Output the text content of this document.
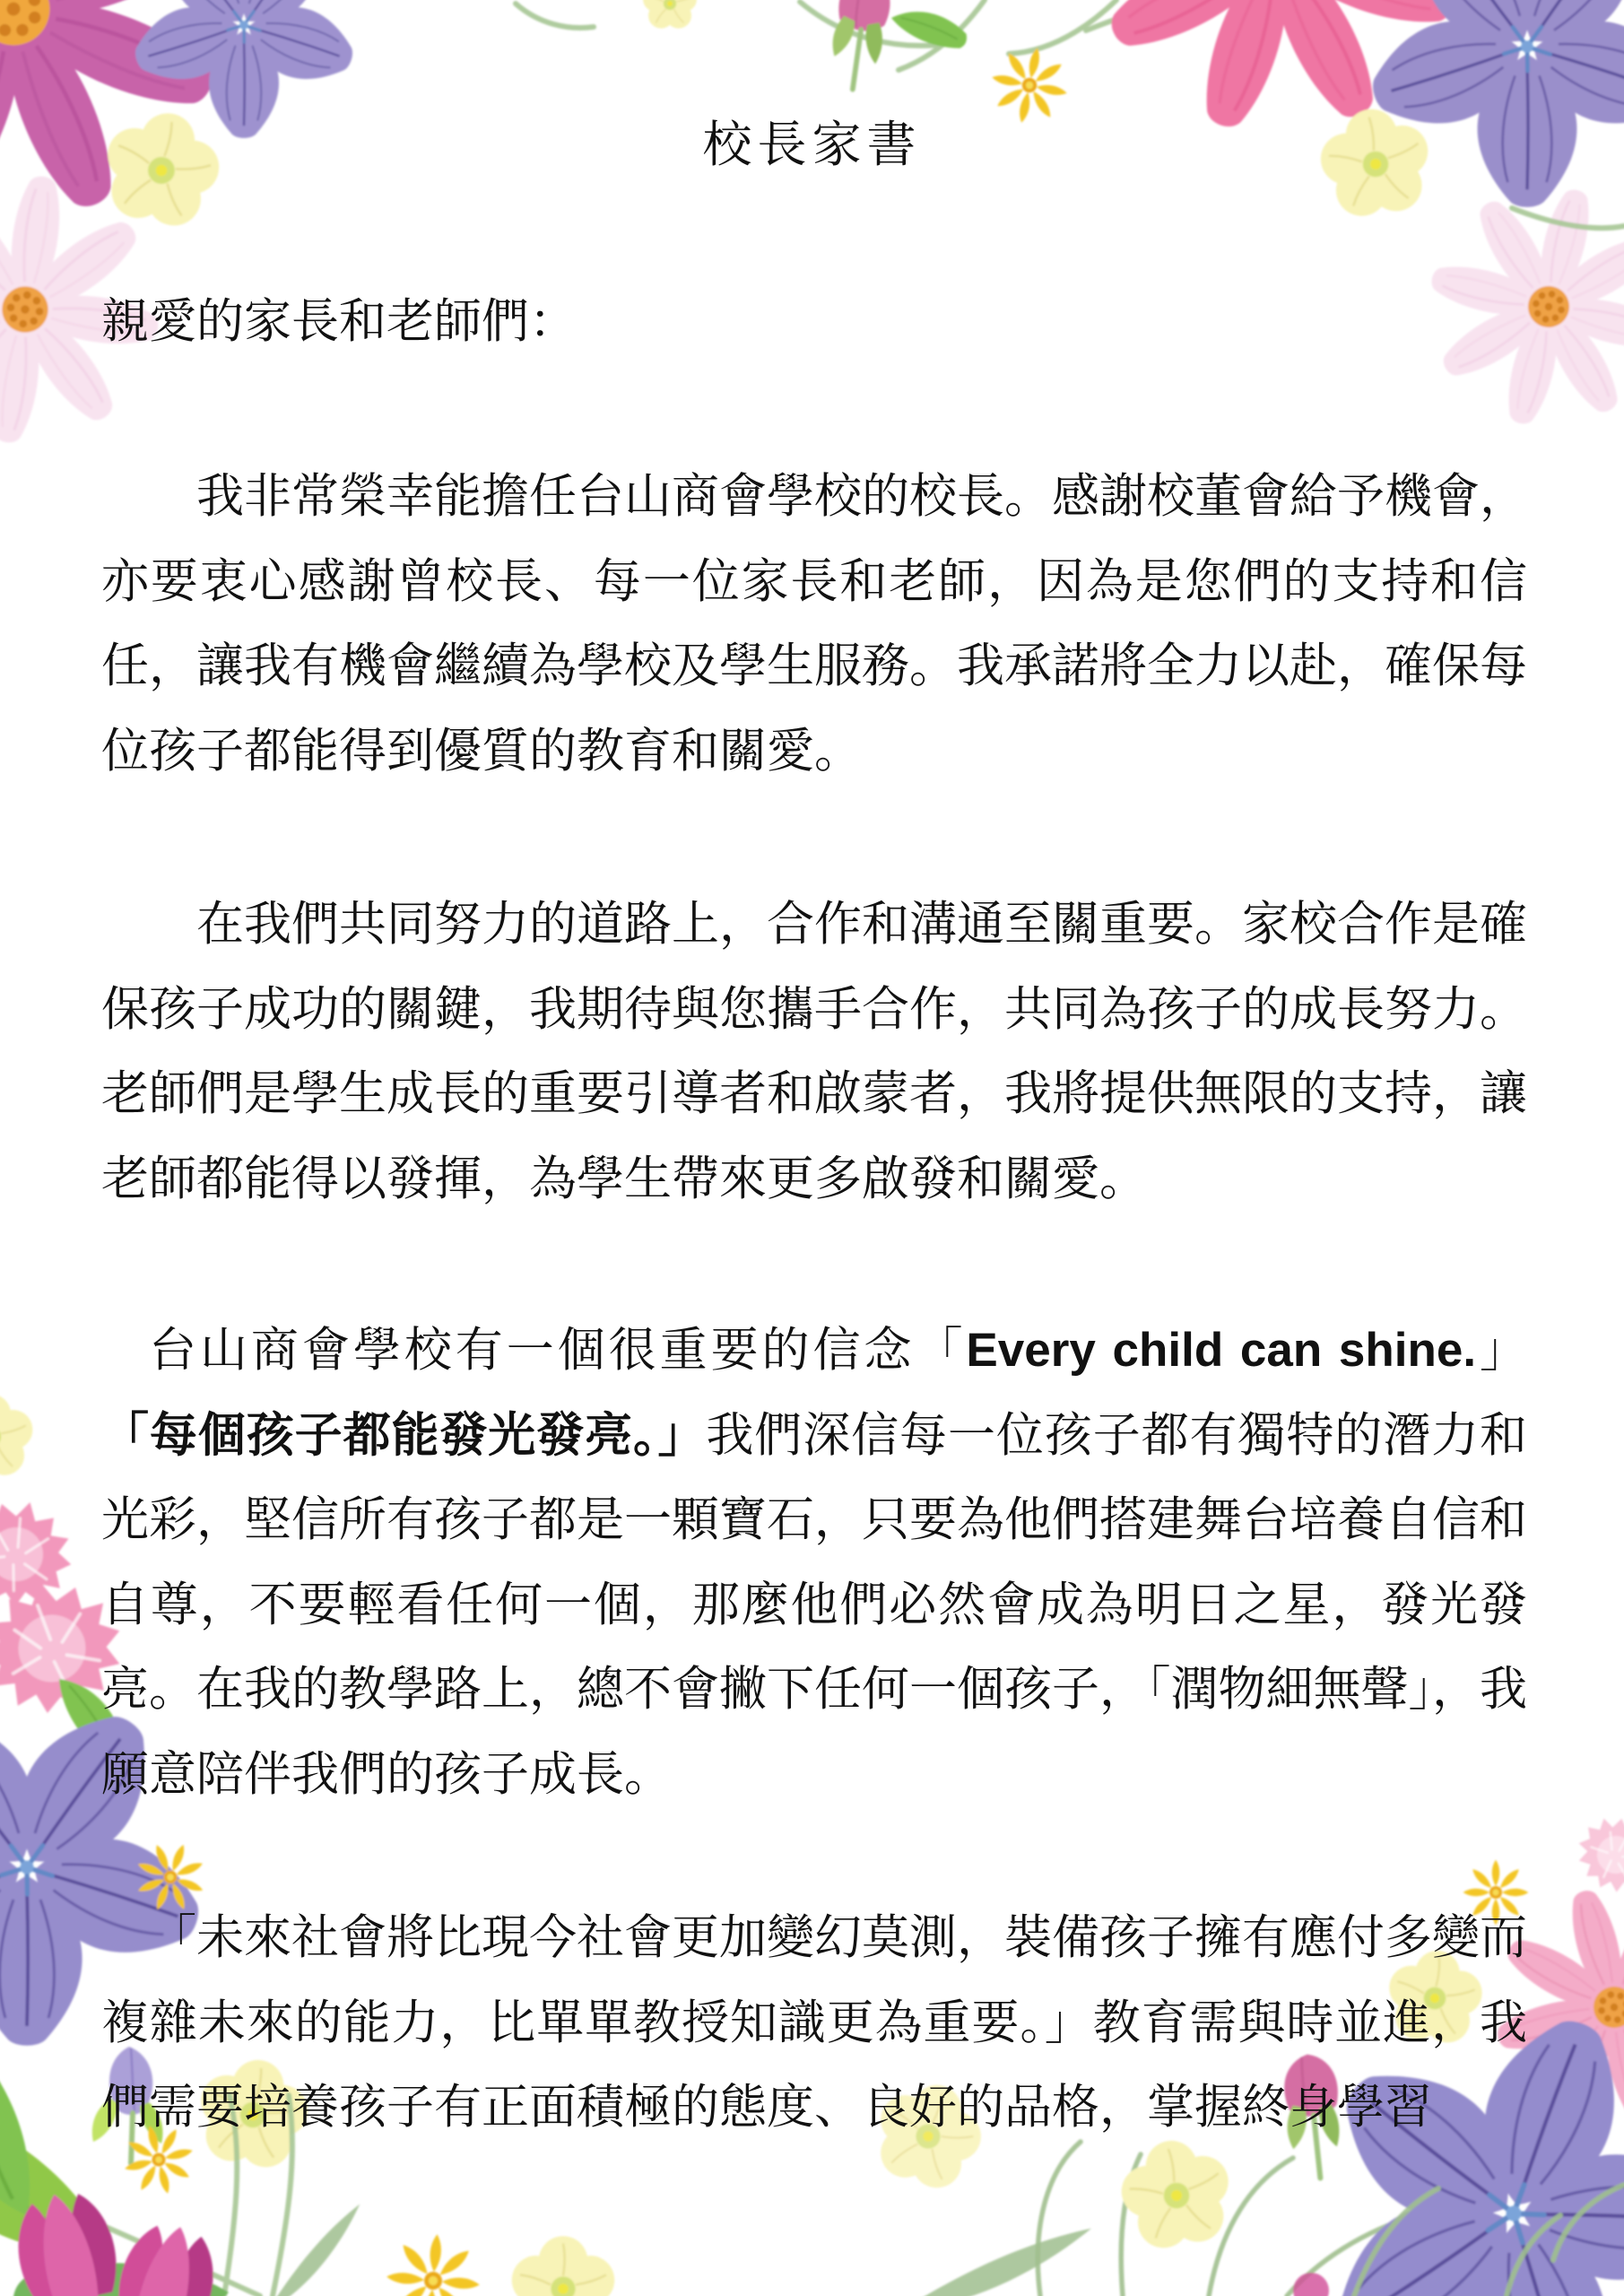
校長家書
親愛的家長和老師們：

我非常榮幸能擔任台山商會學校的校長。感謝校董會給予機會，亦要衷心感謝曾校長、每一位家長和老師，因為是您們的支持和信任，讓我有機會繼續為學校及學生服務。我承諾將全力以赴，確保每位孩子都能得到優質的教育和關愛。

在我們共同努力的道路上，合作和溝通至關重要。家校合作是確保孩子成功的關鍵，我期待與您攜手合作，共同為孩子的成長努力。老師們是學生成長的重要引導者和啟蒙者，我將提供無限的支持，讓老師都能得以發揮，為學生帶來更多啟發和關愛。

台山商會學校有一個很重要的信念「Every child can shine.」「每個孩子都能發光發亮。」我們深信每一位孩子都有獨特的潛力和光彩，堅信所有孩子都是一顆寶石，只要為他們搭建舞台培養自信和自尊，不要輕看任何一個，那麼他們必然會成為明日之星，發光發亮。在我的教學路上，總不會撇下任何一個孩子，「潤物細無聲」，我願意陪伴我們的孩子成長。

「未來社會將比現今社會更加變幻莫測，裝備孩子擁有應付多變而複雜未來的能力，比單單教授知識更為重要。」教育需與時並進，我們需要培養孩子有正面積極的態度、良好的品格，掌握終身學習
